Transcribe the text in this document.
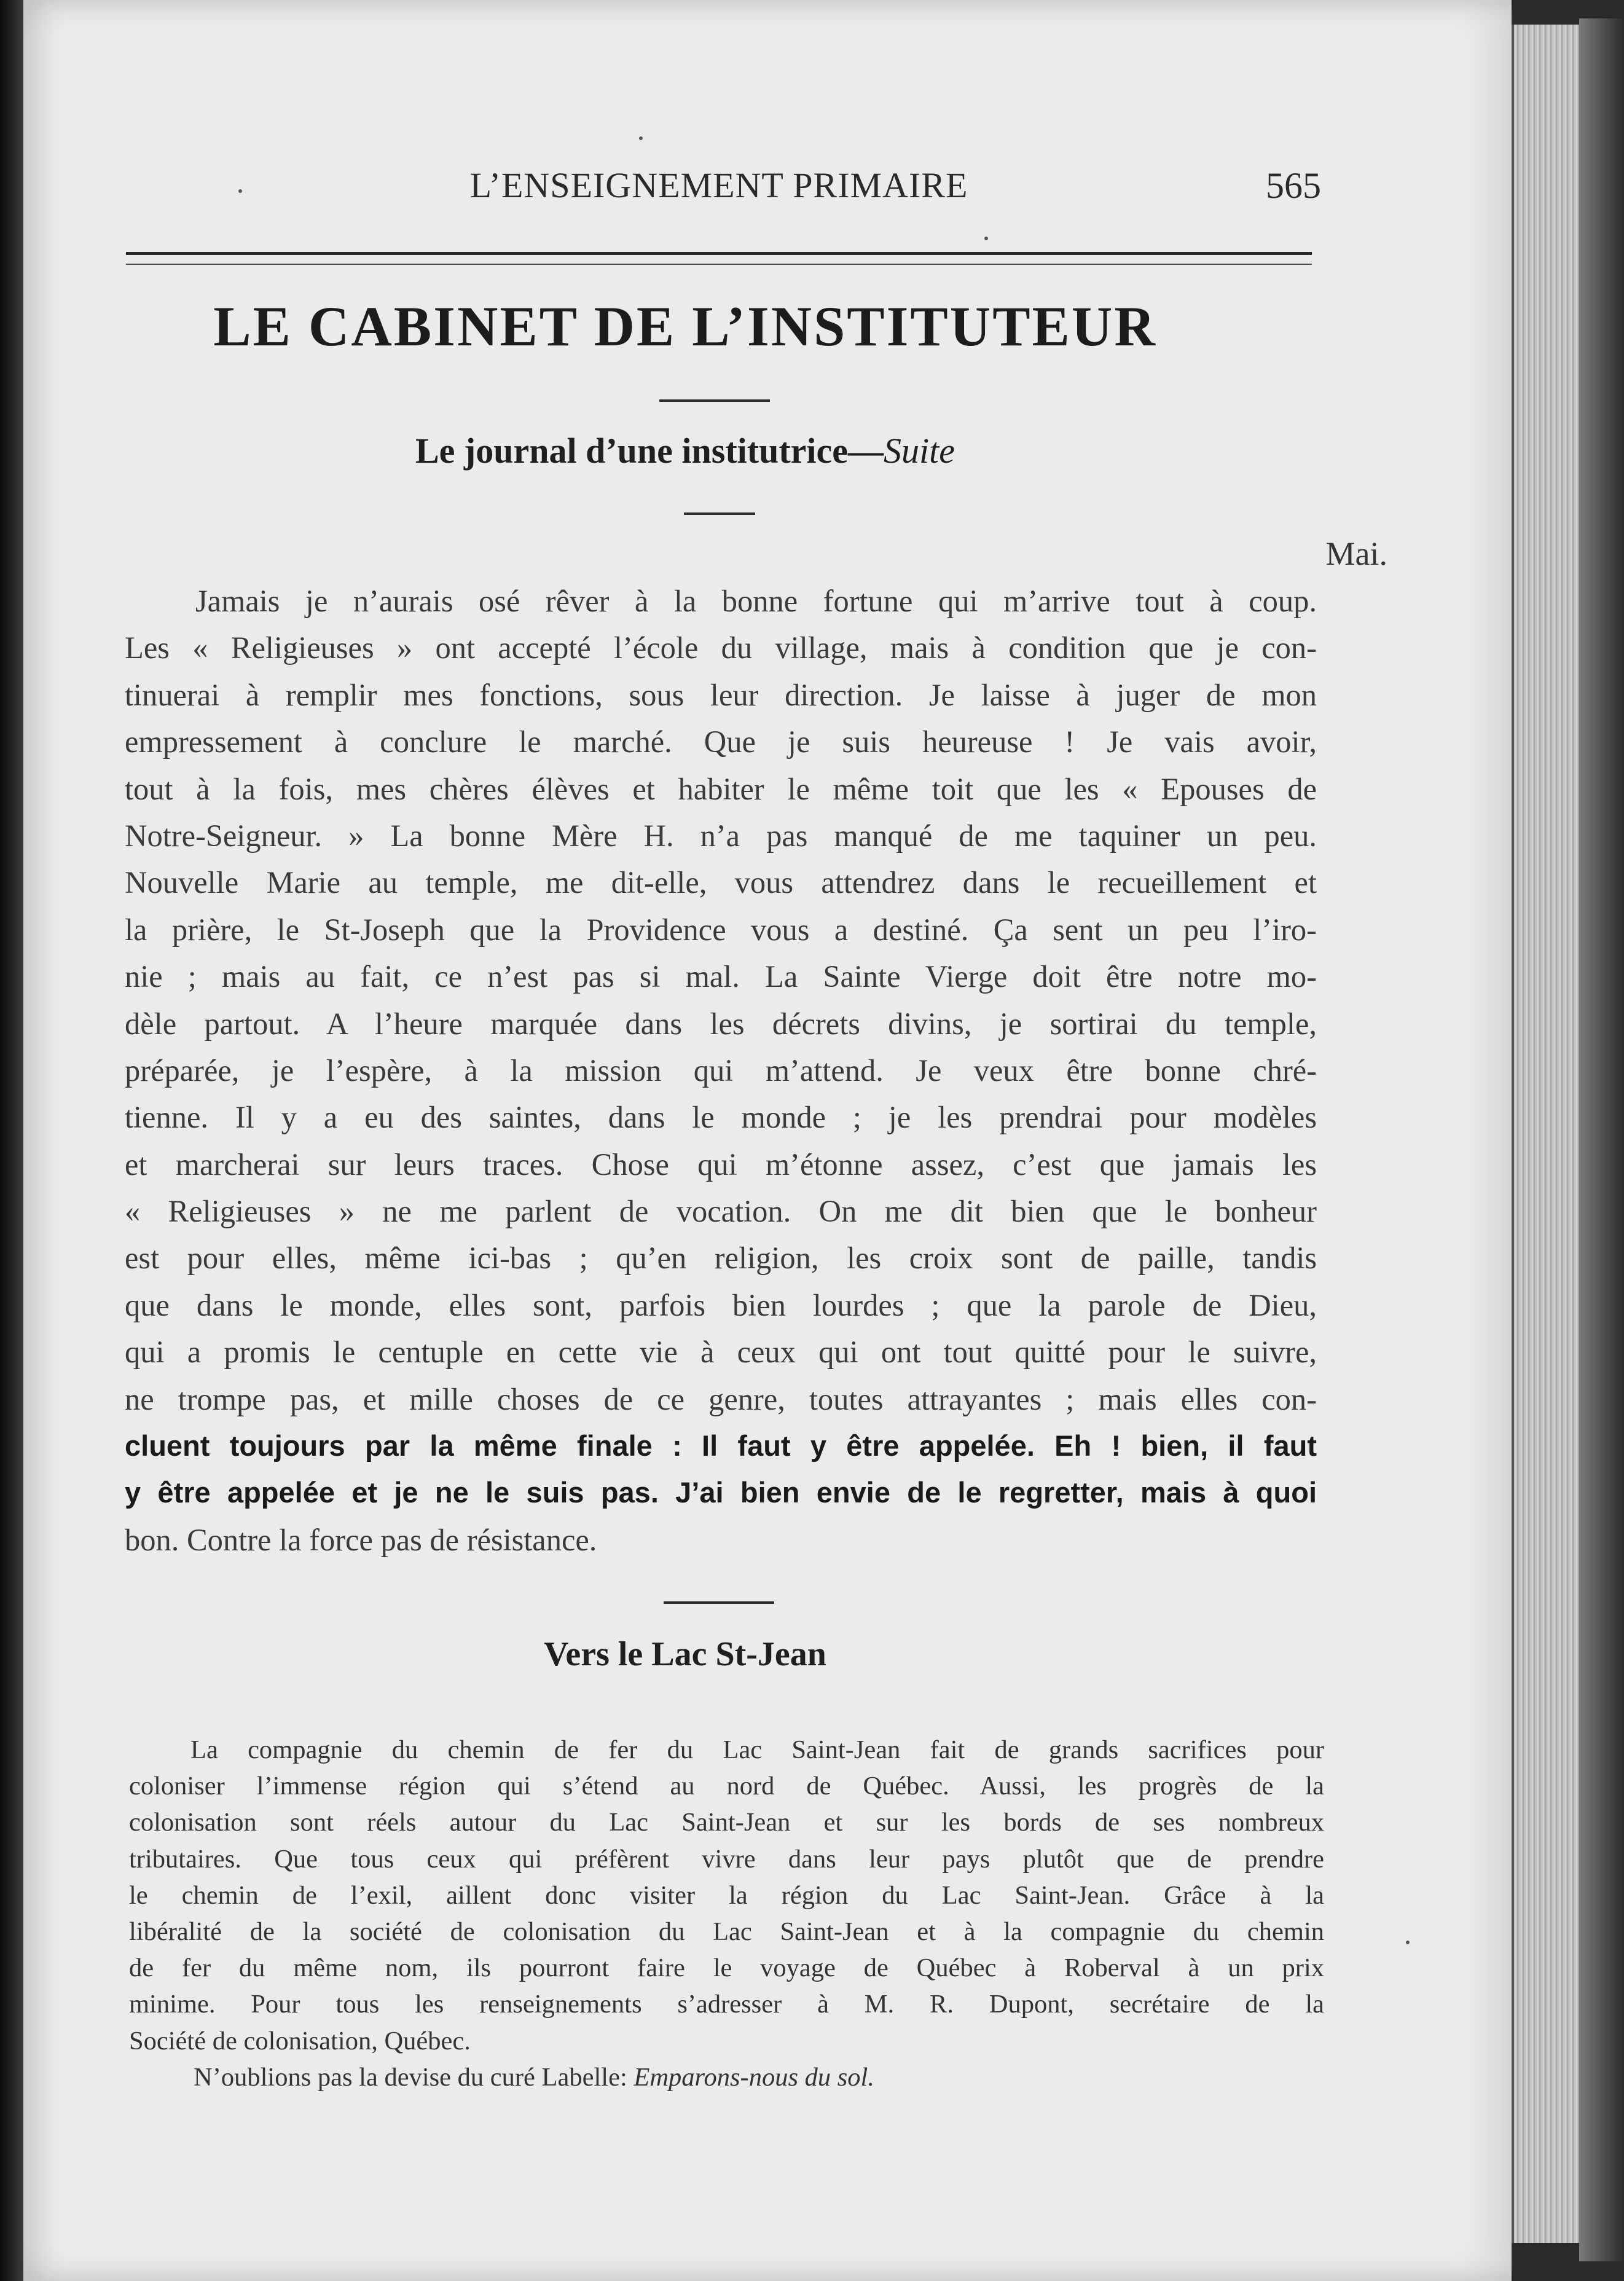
L’ENSEIGNEMENT PRIMAIRE	565
LE CABINET DE L’INSTITUTEUR
Le journal d’une institutrice—Suite
Mai.
Jamais je n’aurais osé rêver à la bonne fortune qui m’arrive tout à coup.
Les « Religieuses » ont accepté l’école du village, mais à condition que je con-
tinuerai à remplir mes fonctions, sous leur direction. Je laisse à juger de mon
empressement à conclure le marché. Que je suis heureuse ! Je vais avoir,
tout à la fois, mes chères élèves et habiter le même toit que les « Epouses de
Notre-Seigneur. » La bonne Mère H. n’a pas manqué de me taquiner un peu.
Nouvelle Marie au temple, me dit-elle, vous attendrez dans le recueillement et
la prière, le St-Joseph que la Providence vous a destiné. Ça sent un peu l’iro-
nie ; mais au fait, ce n’est pas si mal. La Sainte Vierge doit être notre mo-
dèle partout. A l’heure marquée dans les décrets divins, je sortirai du temple,
préparée, je l’espère, à la mission qui m’attend. Je veux être bonne chré-
tienne. Il y a eu des saintes, dans le monde ; je les prendrai pour modèles
et marcherai sur leurs traces. Chose qui m’étonne assez, c’est que jamais les
« Religieuses » ne me parlent de vocation. On me dit bien que le bonheur
est pour elles, même ici-bas ; qu’en religion, les croix sont de paille, tandis
que dans le monde, elles sont, parfois bien lourdes ; que la parole de Dieu,
qui a promis le centuple en cette vie à ceux qui ont tout quitté pour le suivre,
ne trompe pas, et mille choses de ce genre, toutes attrayantes ; mais elles con-
cluent toujours par la même finale : Il faut y être appelée. Eh ! bien, il faut
y être appelée et je ne le suis pas. J’ai bien envie de le regretter, mais à quoi
bon. Contre la force pas de résistance.
Vers le Lac St-Jean
La compagnie du chemin de fer du Lac Saint-Jean fait de grands sacrifices pour
coloniser l’immense région qui s’étend au nord de Québec. Aussi, les progrès de la
colonisation sont réels autour du Lac Saint-Jean et sur les bords de ses nombreux
tributaires. Que tous ceux qui préfèrent vivre dans leur pays plutôt que de prendre
le chemin de l’exil, aillent donc visiter la région du Lac Saint-Jean. Grâce à la
libéralité de la société de colonisation du Lac Saint-Jean et à la compagnie du chemin
de fer du même nom, ils pourront faire le voyage de Québec à Roberval à un prix
minime. Pour tous les renseignements s’adresser à M. R. Dupont, secrétaire de la
Société de colonisation, Québec.
N’oublions pas la devise du curé Labelle: Emparons-nous du sol.
